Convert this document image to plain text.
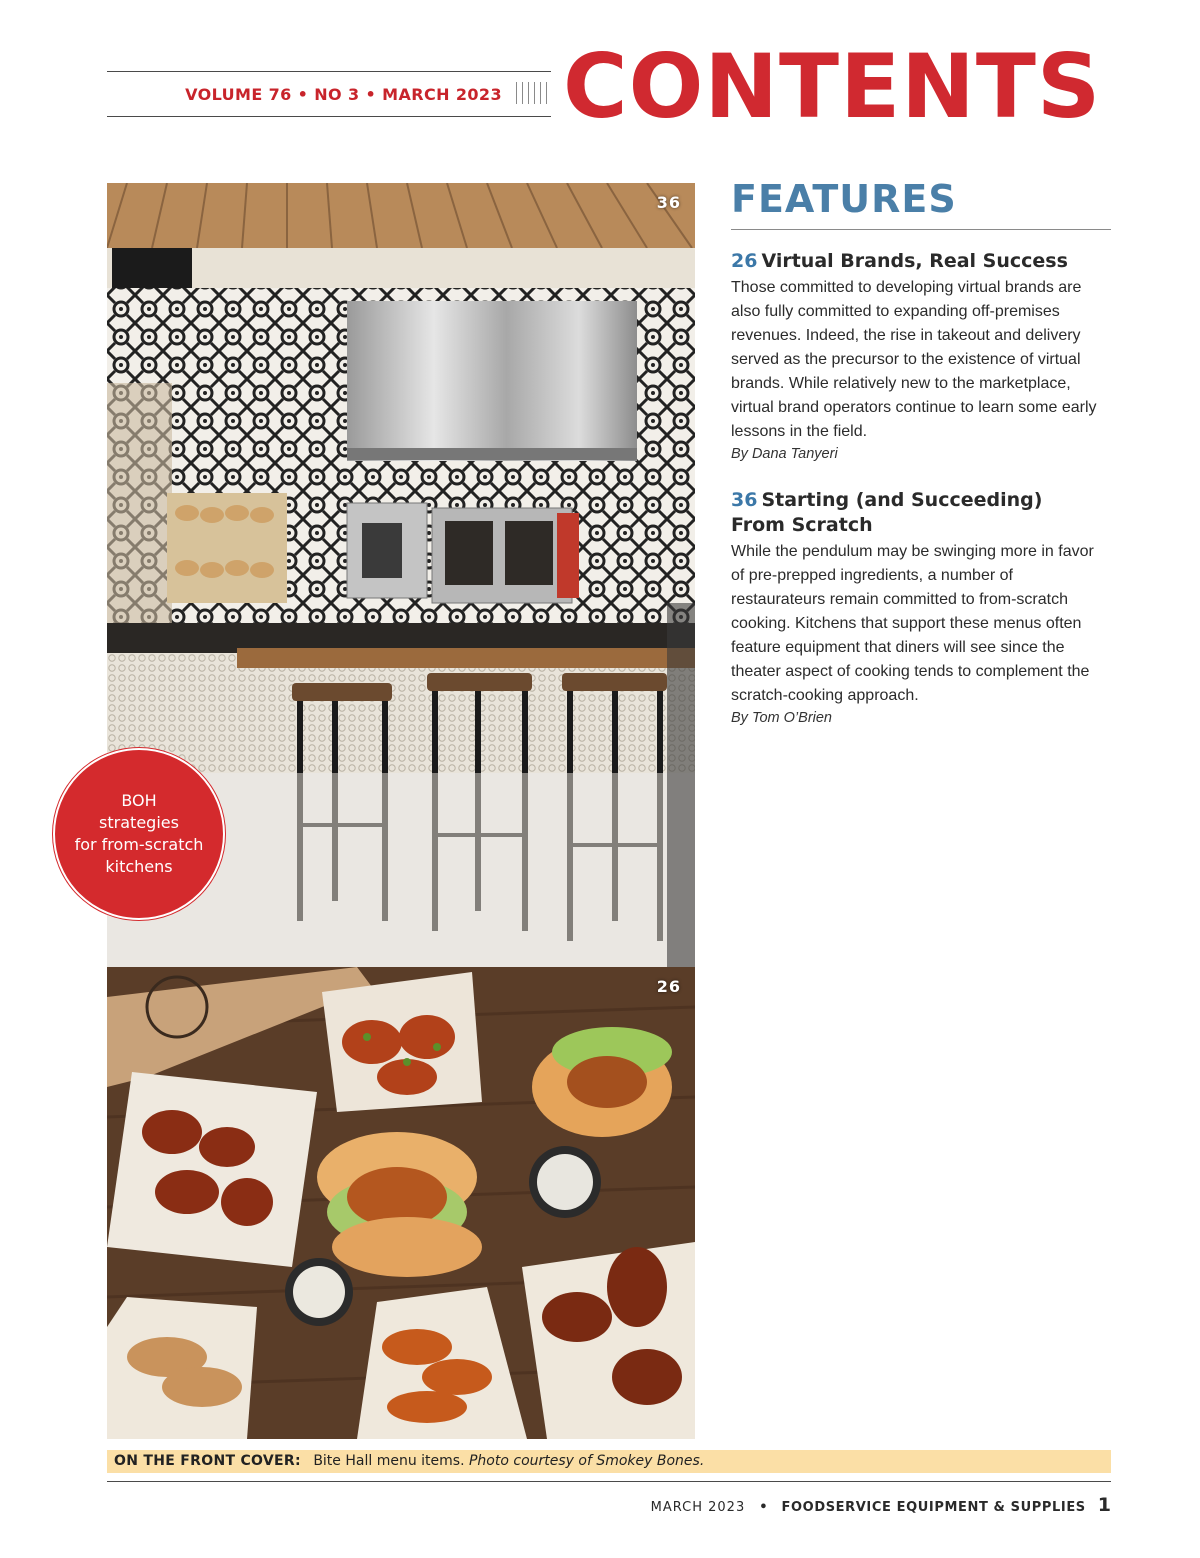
VOLUME 76 • NO 3 • MARCH 2023 CONTENTS
36
26
BOH
strategies
for from-scratch
kitchens
FEATURES
26 Virtual Brands, Real Success
Those committed to developing virtual brands are also fully committed to expanding off-premises revenues. Indeed, the rise in takeout and delivery served as the precursor to the existence of virtual brands. While relatively new to the marketplace, virtual brand operators continue to learn some early lessons in the field.
By Dana Tanyeri
36 Starting (and Succeeding)
From Scratch
While the pendulum may be swinging more in favor of pre-prepped ingredients, a number of restaurateurs remain committed to from-scratch cooking. Kitchens that support these menus often feature equipment that diners will see since the theater aspect of cooking tends to complement the scratch-cooking approach.
By Tom O’Brien
ON THE FRONT COVER: Bite Hall menu items. Photo courtesy of Smokey Bones.
MARCH 2023 • FOODSERVICE EQUIPMENT & SUPPLIES 1
